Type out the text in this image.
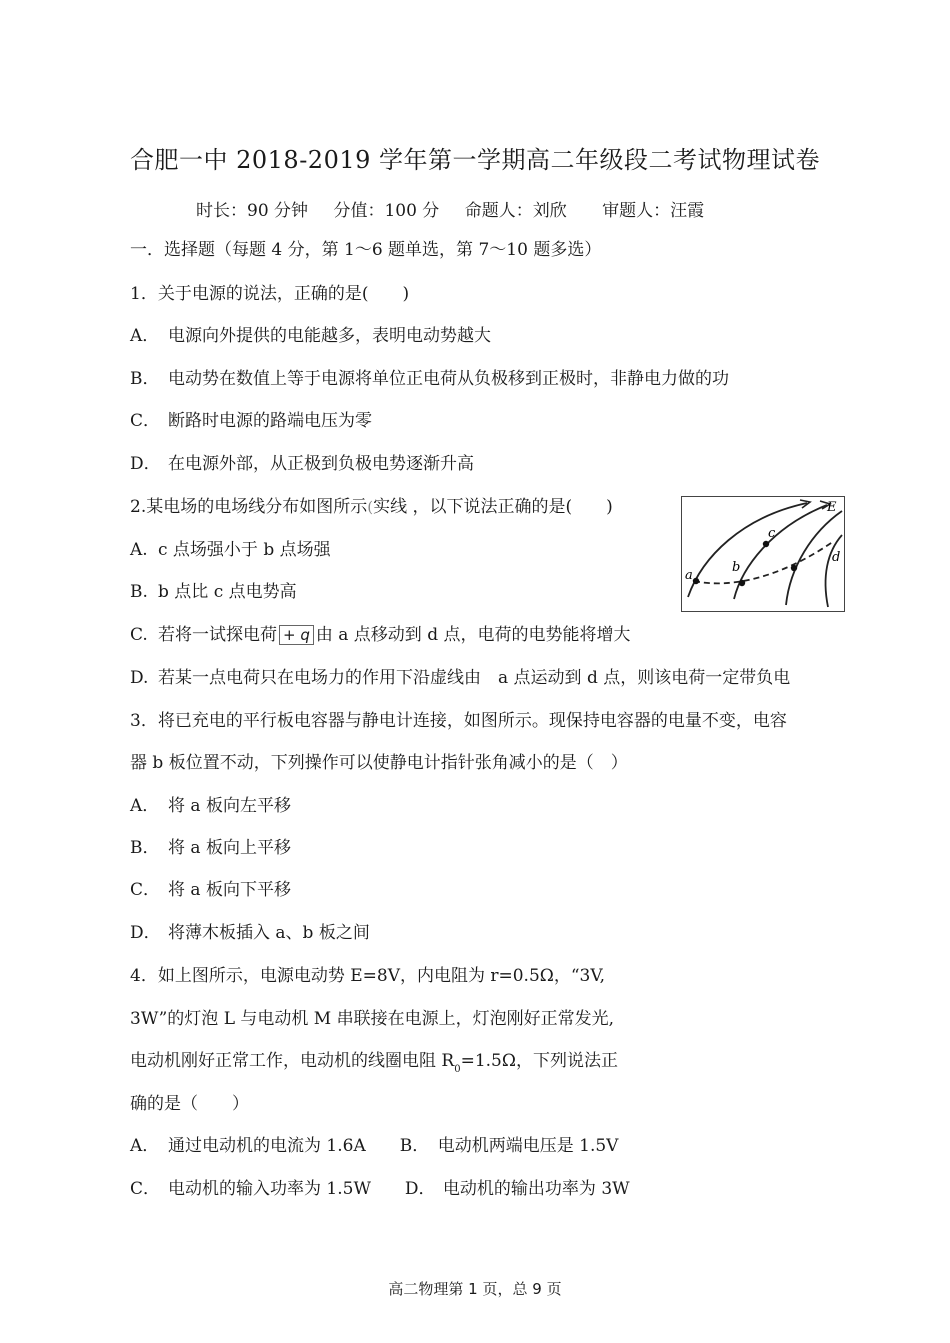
合肥一中 2018-2019 学年第一学期高二年级段二考试物理试卷
时长：90 分钟 分值：100 分 命题人：刘欣 审题人：汪霞
一．选择题（每题 4 分，第 1～6 题单选，第 7～10 题多选）
1．关于电源的说法，正确的是(　　)
A． 电源向外提供的电能越多，表明电动势越大
B． 电动势在数值上等于电源将单位正电荷从负极移到正极时，非静电力做的功
C． 断路时电源的路端电压为零
D． 在电源外部，从正极到负极电势逐渐升高
2.某电场的电场线分布如图所示(实线 ，以下说法正确的是(　　)
A. c 点场强小于 b 点场强
B. b 点比 c 点电势高
C. 若将一试探电荷 + q 由 a 点移动到 d 点，电荷的电势能将增大
D. 若某一点电荷只在电场力的作用下沿虚线由　a 点运动到 d 点，则该电荷一定带负电
a
b
c
d
E
3．将已充电的平行板电容器与静电计连接，如图所示。现保持电容器的电量不变，电容
器 b 板位置不动，下列操作可以使静电计指针张角减小的是（　）
A． 将 a 板向左平移
B． 将 a 板向上平移
C． 将 a 板向下平移
D． 将薄木板插入 a、b 板之间
4．如上图所示，电源电动势 E=8V，内电阻为 r=0.5Ω，“3V,
3W”的灯泡 L 与电动机 M 串联接在电源上，灯泡刚好正常发光,
电动机刚好正常工作，电动机的线圈电阻 $R_0=1.5\Omega$，下列说法正
确的是（　　）
A． 通过电动机的电流为 1.6A B． 电动机两端电压是 1.5V
C． 电动机的输入功率为 1.5W D． 电动机的输出功率为 3W
高二物理第 1 页，总 9 页
